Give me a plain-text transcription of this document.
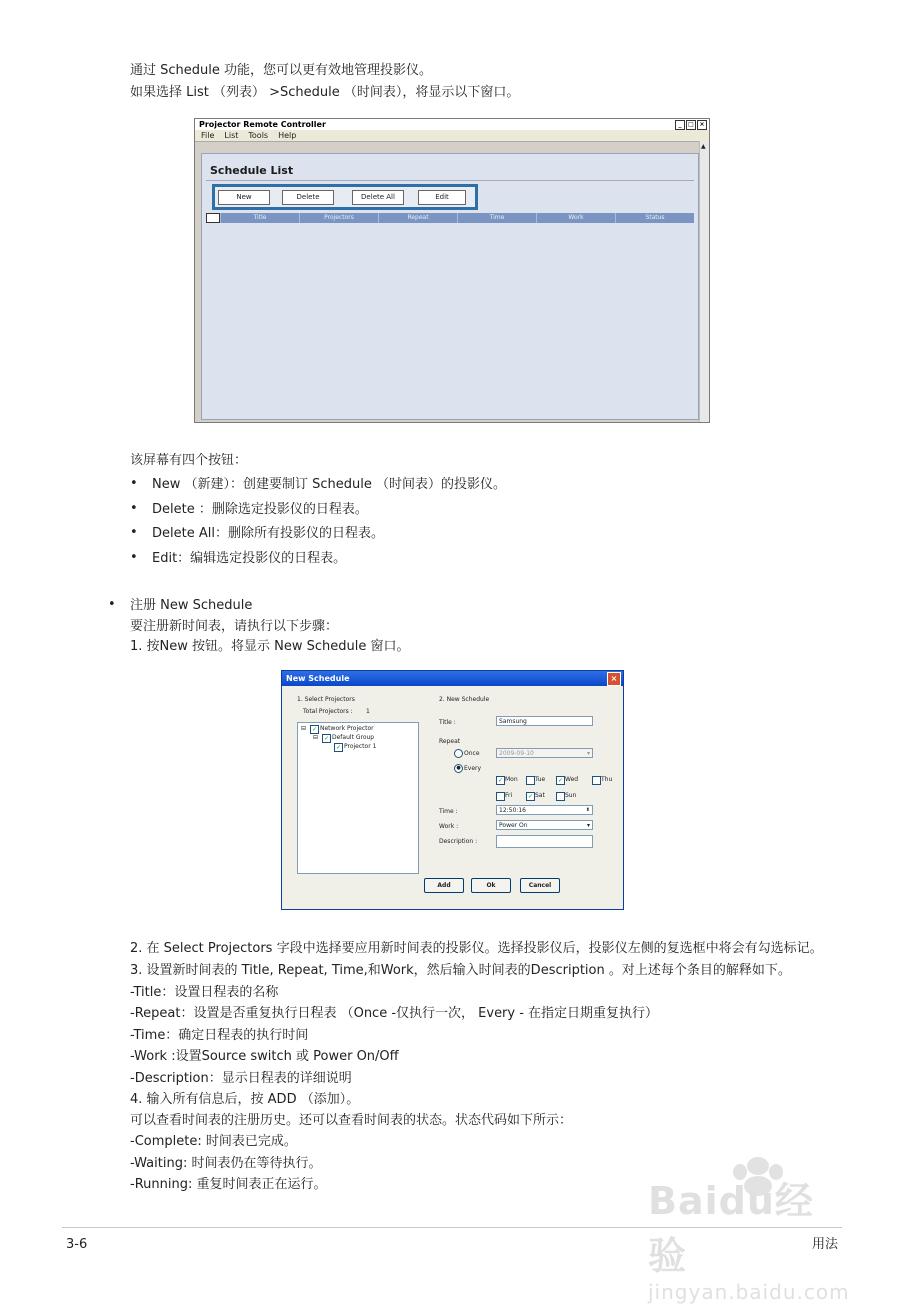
通过 Schedule 功能，您可以更有效地管理投影仪。
如果选择 List （列表） >Schedule （时间表），将显示以下窗口。
Projector Remote Controller	_	□ ×
File List Tools Help
Schedule List
New	Delete	Delete All	Edit
Title	Projectors	Repeat	Time	Work	Status
▲
该屏幕有四个按钮：
• New （新建）：创建要制订 Schedule （时间表）的投影仪。
• Delete ：删除选定投影仪的日程表。
• Delete All：删除所有投影仪的日程表。
• Edit：编辑选定投影仪的日程表。
• 注册 New Schedule
要注册新时间表，请执行以下步骤：
1. 按New 按钮。将显示 New Schedule 窗口。
New Schedule	×
1. Select Projectors
Total Projectors : 1
⊟ ✓ Network Projector
⊟ ✓ Default Group
✓ Projector 1
2. New Schedule
Title :	Samsung
Repeat
Once	2009-09-10	▾
● Every
✓ Mon	Tue	✓ Wed	Thu
Fri	✓ Sat	Sun
Time :	12:50:16	⬍
Work :	Power On	▾
Description :
Add	Ok	Cancel
2. 在 Select Projectors 字段中选择要应用新时间表的投影仪。选择投影仪后，投影仪左侧的复选框中将会有勾选标记。
3. 设置新时间表的 Title, Repeat, Time,和Work，然后输入时间表的Description 。对上述每个条目的解释如下。
-Title：设置日程表的名称
-Repeat：设置是否重复执行日程表 （Once -仅执行一次， Every - 在指定日期重复执行）
-Time：确定日程表的执行时间
-Work :设置Source switch 或 Power On/Off
-Description：显示日程表的详细说明
4. 输入所有信息后，按 ADD （添加）。
可以查看时间表的注册历史。还可以查看时间表的状态。状态代码如下所示：
-Complete: 时间表已完成。
-Waiting: 时间表仍在等待执行。
-Running: 重复时间表正在运行。
3-6	用法
Baidu经验
jingyan.baidu.com
